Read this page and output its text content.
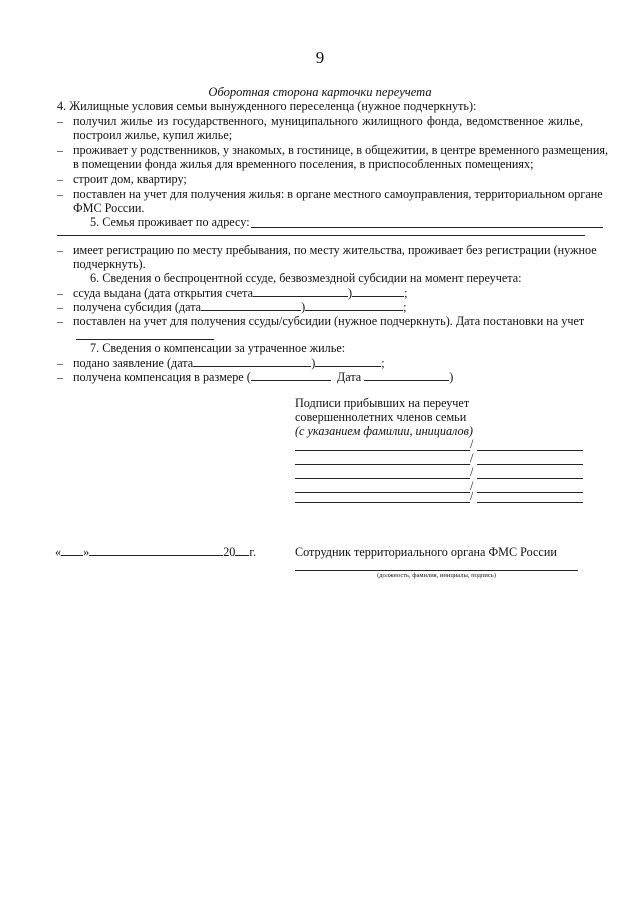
9
Оборотная сторона карточки переучета
4. Жилищные условия семьи вынужденного переселенца (нужное подчеркнуть):
– получил жилье из государственного, муниципального жилищного фонда, ведомственное жилье,
построил жилье, купил жилье;
– проживает у родственников, у знакомых, в гостинице, в общежитии, в центре временного размещения,
в помещении фонда жилья для временного поселения, в приспособленных помещениях;
– строит дом, квартиру;
– поставлен на учет для получения жилья: в органе местного самоуправления, территориальном органе
ФМС России.
5. Семья проживает по адресу:
– имеет регистрацию по месту пребывания, по месту жительства, проживает без регистрации (нужное
подчеркнуть).
6. Сведения о беспроцентной ссуде, безвозмездной субсидии на момент переучета:
– ссуда выдана (дата открытия счета	)	;
– получена субсидия (дата	)	;
– поставлен на учет для получения ссуды/субсидии (нужное подчеркнуть). Дата постановки на учет
7. Сведения о компенсации за утраченное жилье:
– подано заявление (дата	)	;
– получена компенсация в размере (	Дата	)
Подписи прибывших на переучет
совершеннолетних членов семьи
(с указанием фамилии, инициалов)
/
/
/
/
/
« »	20 г.	Сотрудник территориального органа ФМС России
(должность, фамилия, инициалы, подпись)
